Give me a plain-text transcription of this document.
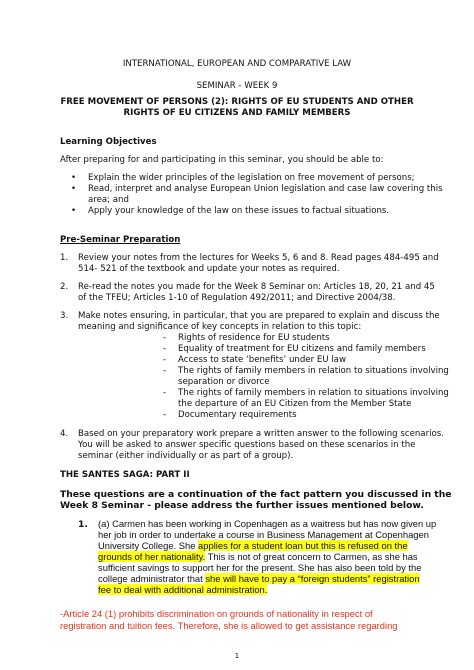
INTERNATIONAL, EUROPEAN AND COMPARATIVE LAW
SEMINAR - WEEK 9
FREE MOVEMENT OF PERSONS (2): RIGHTS OF EU STUDENTS AND OTHER
RIGHTS OF EU CITIZENS AND FAMILY MEMBERS
Learning Objectives
After preparing for and participating in this seminar, you should be able to:
• Explain the wider principles of the legislation on free movement of persons;
• Read, interpret and analyse European Union legislation and case law covering this
area; and
• Apply your knowledge of the law on these issues to factual situations.
Pre-Seminar Preparation
1. Review your notes from the lectures for Weeks 5, 6 and 8. Read pages 484-495 and
514- 521 of the textbook and update your notes as required.
2. Re-read the notes you made for the Week 8 Seminar on: Articles 18, 20, 21 and 45
of the TFEU; Articles 1-10 of Regulation 492/2011; and Directive 2004/38.
3. Make notes ensuring, in particular, that you are prepared to explain and discuss the
meaning and significance of key concepts in relation to this topic:
- Rights of residence for EU students
- Equality of treatment for EU citizens and family members
- Access to state ‘benefits’ under EU law
- The rights of family members in relation to situations involving
separation or divorce
- The rights of family members in relation to situations involving
the departure of an EU Citizen from the Member State
- Documentary requirements
4. Based on your preparatory work prepare a written answer to the following scenarios.
You will be asked to answer specific questions based on these scenarios in the
seminar (either individually or as part of a group).
THE SANTES SAGA: PART II
These questions are a continuation of the fact pattern you discussed in the
Week 8 Seminar - please address the further issues mentioned below.
1. (a) Carmen has been working in Copenhagen as a waitress but has now given up
her job in order to undertake a course in Business Management at Copenhagen
University College. She applies for a student loan but this is refused on the
grounds of her nationality. This is not of great concern to Carmen, as she has
sufficient savings to support her for the present. She has also been told by the
college administrator that she will have to pay a “foreign students” registration
fee to deal with additional administration.
-Article 24 (1) prohibits discrimination on grounds of nationality in respect of
registration and tuition fees. Therefore, she is allowed to get assistance regarding
1
